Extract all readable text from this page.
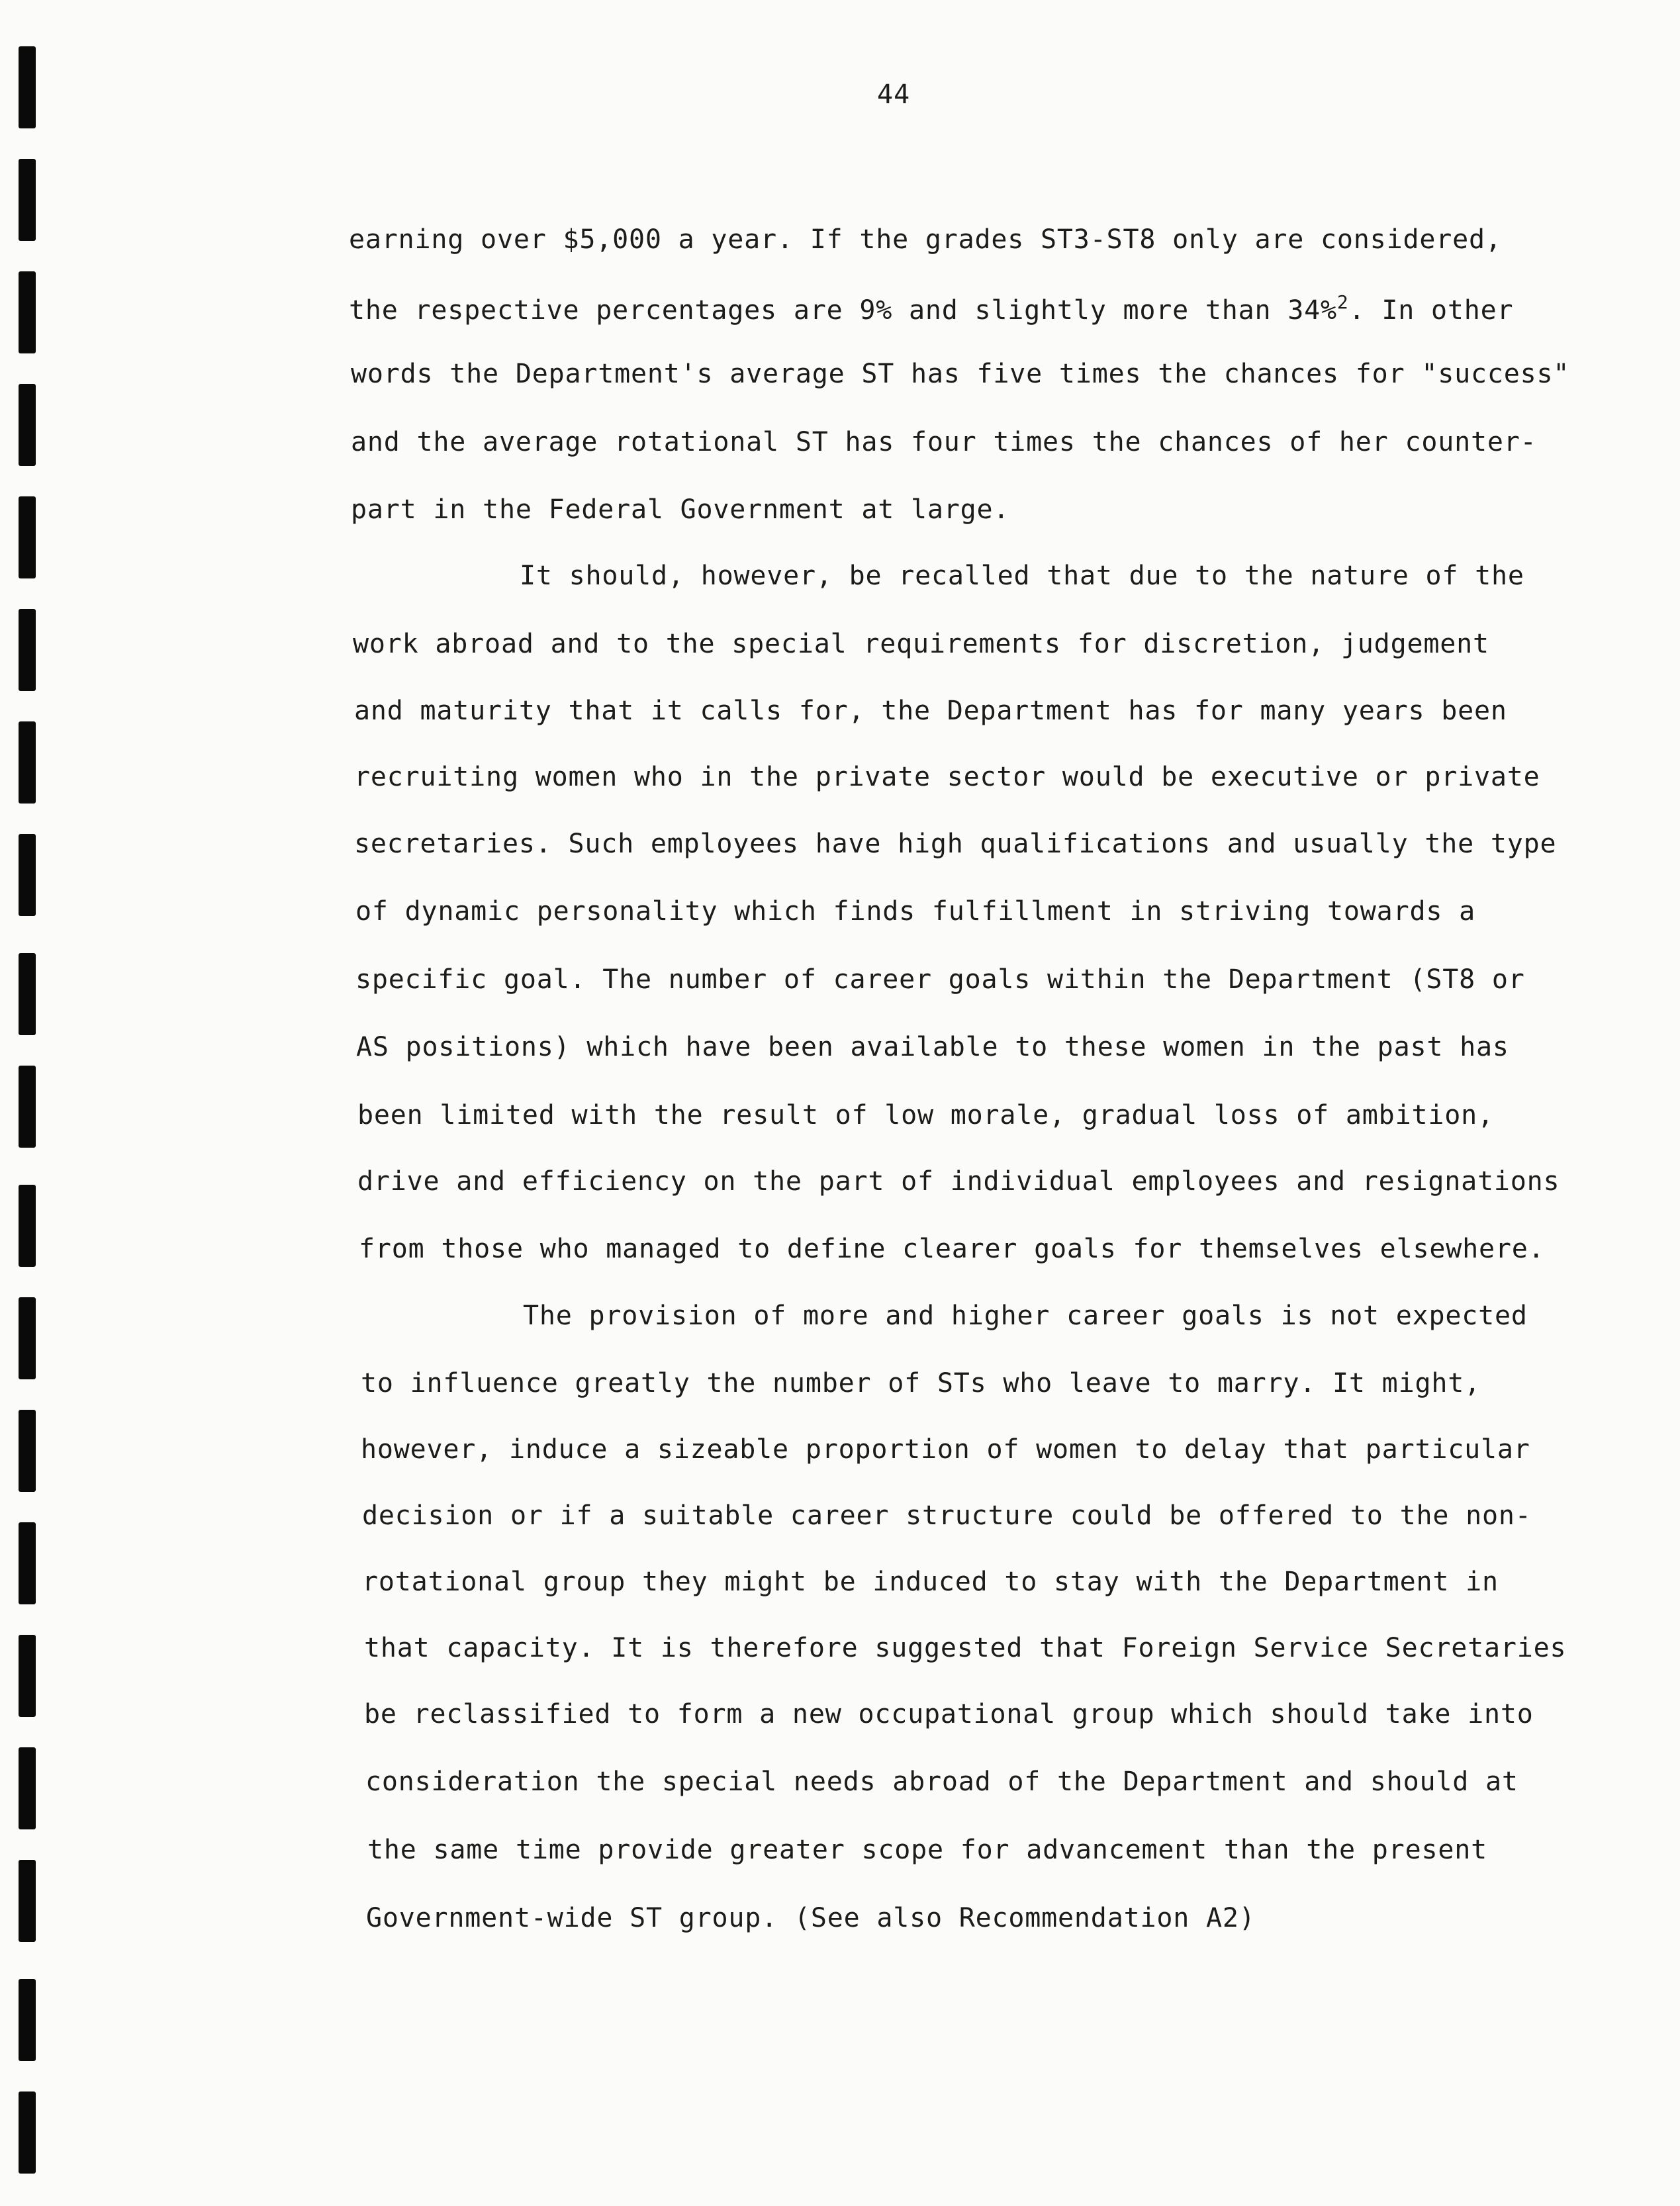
44
earning over $5,000 a year. If the grades ST3-ST8 only are considered,
the respective percentages are 9% and slightly more than 34%$^2$. In other
words the Department's average ST has five times the chances for "success"
and the average rotational ST has four times the chances of her counter-
part in the Federal Government at large.
It should, however, be recalled that due to the nature of the
work abroad and to the special requirements for discretion, judgement
and maturity that it calls for, the Department has for many years been
recruiting women who in the private sector would be executive or private
secretaries. Such employees have high qualifications and usually the type
of dynamic personality which finds fulfillment in striving towards a
specific goal. The number of career goals within the Department (ST8 or
AS positions) which have been available to these women in the past has
been limited with the result of low morale, gradual loss of ambition,
drive and efficiency on the part of individual employees and resignations
from those who managed to define clearer goals for themselves elsewhere.
The provision of more and higher career goals is not expected
to influence greatly the number of STs who leave to marry. It might,
however, induce a sizeable proportion of women to delay that particular
decision or if a suitable career structure could be offered to the non-
rotational group they might be induced to stay with the Department in
that capacity. It is therefore suggested that Foreign Service Secretaries
be reclassified to form a new occupational group which should take into
consideration the special needs abroad of the Department and should at
the same time provide greater scope for advancement than the present
Government-wide ST group. (See also Recommendation A2)
